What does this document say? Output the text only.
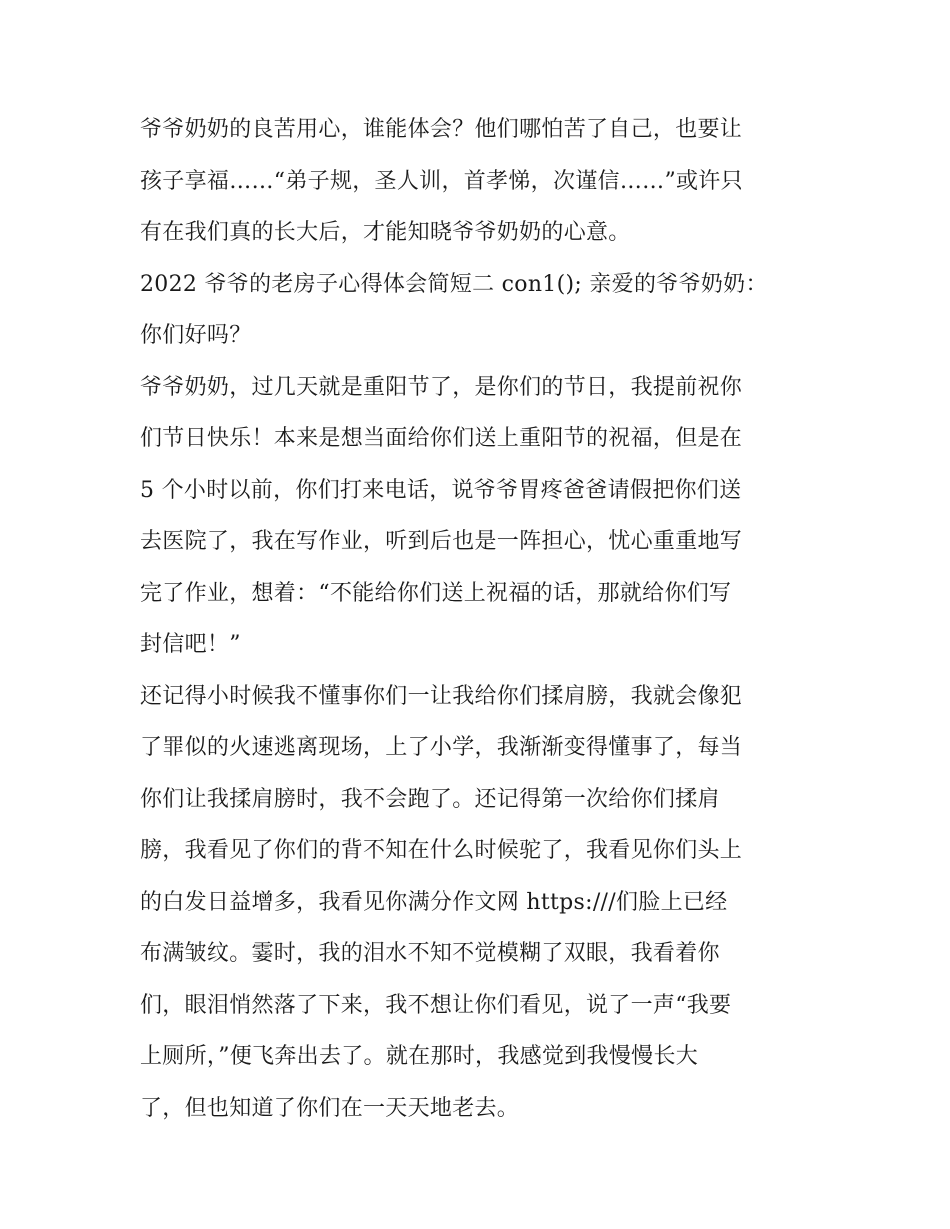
爷爷奶奶的良苦用心，谁能体会？他们哪怕苦了自己，也要让
孩子享福……“弟子规，圣人训，首孝悌，次谨信……”或许只
有在我们真的长大后，才能知晓爷爷奶奶的心意。
2022 爷爷的老房子心得体会简短二 con1(); 亲爱的爷爷奶奶：
你们好吗？
爷爷奶奶，过几天就是重阳节了，是你们的节日，我提前祝你
们节日快乐！本来是想当面给你们送上重阳节的祝福，但是在
5 个小时以前，你们打来电话，说爷爷胃疼爸爸请假把你们送
去医院了，我在写作业，听到后也是一阵担心，忧心重重地写
完了作业，想着：“不能给你们送上祝福的话，那就给你们写
封信吧！”
还记得小时候我不懂事你们一让我给你们揉肩膀，我就会像犯
了罪似的火速逃离现场，上了小学，我渐渐变得懂事了，每当
你们让我揉肩膀时，我不会跑了。还记得第一次给你们揉肩
膀，我看见了你们的背不知在什么时候驼了，我看见你们头上
的白发日益增多，我看见你满分作文网 https:///们脸上已经
布满皱纹。霎时，我的泪水不知不觉模糊了双眼，我看着你
们，眼泪悄然落了下来，我不想让你们看见，说了一声“我要
上厕所，”便飞奔出去了。就在那时，我感觉到我慢慢长大
了，但也知道了你们在一天天地老去。
